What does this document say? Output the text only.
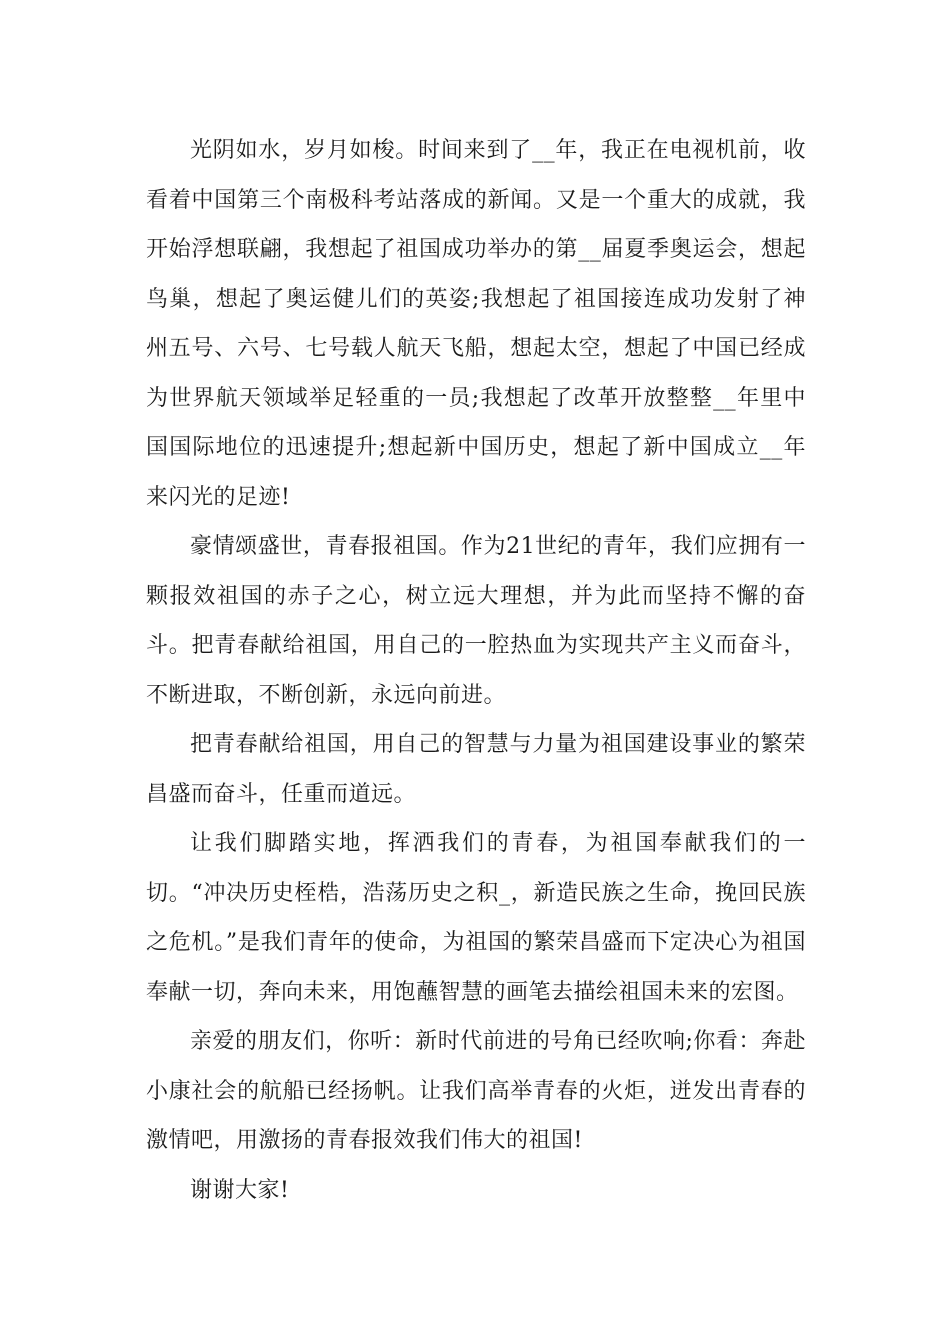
光阴如水，岁月如梭。时间来到了__年，我正在电视机前，收看着中国第三个南极科考站落成的新闻。又是一个重大的成就，我开始浮想联翩，我想起了祖国成功举办的第__届夏季奥运会，想起鸟巢，想起了奥运健儿们的英姿;我想起了祖国接连成功发射了神州五号、六号、七号载人航天飞船，想起太空，想起了中国已经成为世界航天领域举足轻重的一员;我想起了改革开放整整__年里中国国际地位的迅速提升;想起新中国历史，想起了新中国成立__年来闪光的足迹!

豪情颂盛世，青春报祖国。作为21世纪的青年，我们应拥有一颗报效祖国的赤子之心，树立远大理想，并为此而坚持不懈的奋斗。把青春献给祖国，用自己的一腔热血为实现共产主义而奋斗，不断进取，不断创新，永远向前进。

把青春献给祖国，用自己的智慧与力量为祖国建设事业的繁荣昌盛而奋斗，任重而道远。

让我们脚踏实地，挥洒我们的青春，为祖国奉献我们的一切。“冲决历史桎梏，浩荡历史之积_，新造民族之生命，挽回民族之危机。”是我们青年的使命，为祖国的繁荣昌盛而下定决心为祖国奉献一切，奔向未来，用饱蘸智慧的画笔去描绘祖国未来的宏图。

亲爱的朋友们，你听：新时代前进的号角已经吹响;你看：奔赴小康社会的航船已经扬帆。让我们高举青春的火炬，迸发出青春的激情吧，用激扬的青春报效我们伟大的祖国!

谢谢大家!
